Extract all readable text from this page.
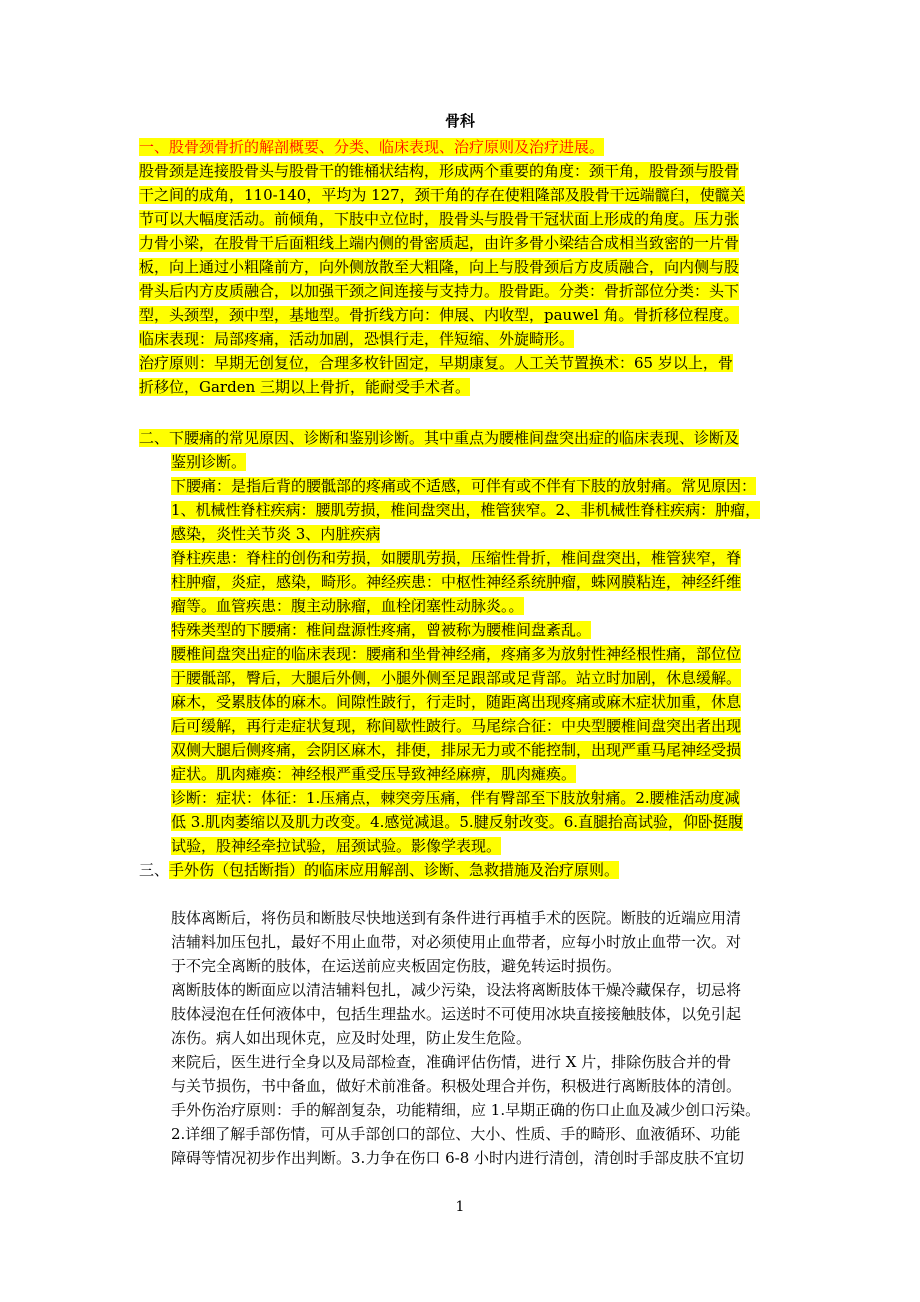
骨科
一、股骨颈骨折的解剖概要、分类、临床表现、治疗原则及治疗进展。
股骨颈是连接股骨头与股骨干的锥桶状结构，形成两个重要的角度：颈干角，股骨颈与股骨
干之间的成角，110-140，平均为 127，颈干角的存在使粗隆部及股骨干远端髋臼，使髋关
节可以大幅度活动。前倾角，下肢中立位时，股骨头与股骨干冠状面上形成的角度。压力张
力骨小梁，在股骨干后面粗线上端内侧的骨密质起，由许多骨小梁结合成相当致密的一片骨
板，向上通过小粗隆前方，向外侧放散至大粗隆，向上与股骨颈后方皮质融合，向内侧与股
骨头后内方皮质融合，以加强干颈之间连接与支持力。股骨距。分类：骨折部位分类：头下
型，头颈型，颈中型，基地型。骨折线方向：伸展、内收型，pauwel 角。骨折移位程度。
临床表现：局部疼痛，活动加剧，恐惧行走，伴短缩、外旋畸形。
治疗原则：早期无创复位，合理多枚针固定，早期康复。人工关节置换术：65 岁以上，骨
折移位，Garden 三期以上骨折，能耐受手术者。
二、下腰痛的常见原因、诊断和鉴别诊断。其中重点为腰椎间盘突出症的临床表现、诊断及
鉴别诊断。
下腰痛：是指后背的腰骶部的疼痛或不适感，可伴有或不伴有下肢的放射痛。常见原因：
1、机械性脊柱疾病：腰肌劳损，椎间盘突出，椎管狭窄。2、非机械性脊柱疾病：肿瘤，
感染，炎性关节炎 3、内脏疾病
脊柱疾患：脊柱的创伤和劳损，如腰肌劳损，压缩性骨折，椎间盘突出，椎管狭窄，脊
柱肿瘤，炎症，感染，畸形。神经疾患：中枢性神经系统肿瘤，蛛网膜粘连，神经纤维
瘤等。血管疾患：腹主动脉瘤，血栓闭塞性动脉炎。。
特殊类型的下腰痛：椎间盘源性疼痛，曾被称为腰椎间盘紊乱。
腰椎间盘突出症的临床表现：腰痛和坐骨神经痛，疼痛多为放射性神经根性痛，部位位
于腰骶部，臀后，大腿后外侧，小腿外侧至足跟部或足背部。站立时加剧，休息缓解。
麻木，受累肢体的麻木。间隙性跛行，行走时，随距离出现疼痛或麻木症状加重，休息
后可缓解，再行走症状复现，称间歇性跛行。马尾综合征：中央型腰椎间盘突出者出现
双侧大腿后侧疼痛，会阴区麻木，排便，排尿无力或不能控制，出现严重马尾神经受损
症状。肌肉瘫痪：神经根严重受压导致神经麻痹，肌肉瘫痪。
诊断：症状：体征：1.压痛点，棘突旁压痛，伴有臀部至下肢放射痛。2.腰椎活动度减
低 3.肌肉萎缩以及肌力改变。4.感觉减退。5.腱反射改变。6.直腿抬高试验，仰卧挺腹
试验，股神经牵拉试验，屈颈试验。影像学表现。
三、手外伤（包括断指）的临床应用解剖、诊断、急救措施及治疗原则。
肢体离断后，将伤员和断肢尽快地送到有条件进行再植手术的医院。断肢的近端应用清
洁辅料加压包扎，最好不用止血带，对必须使用止血带者，应每小时放止血带一次。对
于不完全离断的肢体，在运送前应夹板固定伤肢，避免转运时损伤。
离断肢体的断面应以清洁辅料包扎，减少污染，设法将离断肢体干燥冷藏保存，切忌将
肢体浸泡在任何液体中，包括生理盐水。运送时不可使用冰块直接接触肢体，以免引起
冻伤。病人如出现休克，应及时处理，防止发生危险。
来院后，医生进行全身以及局部检查，准确评估伤情，进行 X 片，排除伤肢合并的骨
与关节损伤，书中备血，做好术前准备。积极处理合并伤，积极进行离断肢体的清创。
手外伤治疗原则：手的解剖复杂，功能精细，应 1.早期正确的伤口止血及减少创口污染。
2.详细了解手部伤情，可从手部创口的部位、大小、性质、手的畸形、血液循环、功能
障碍等情况初步作出判断。3.力争在伤口 6-8 小时内进行清创，清创时手部皮肤不宜切
1
